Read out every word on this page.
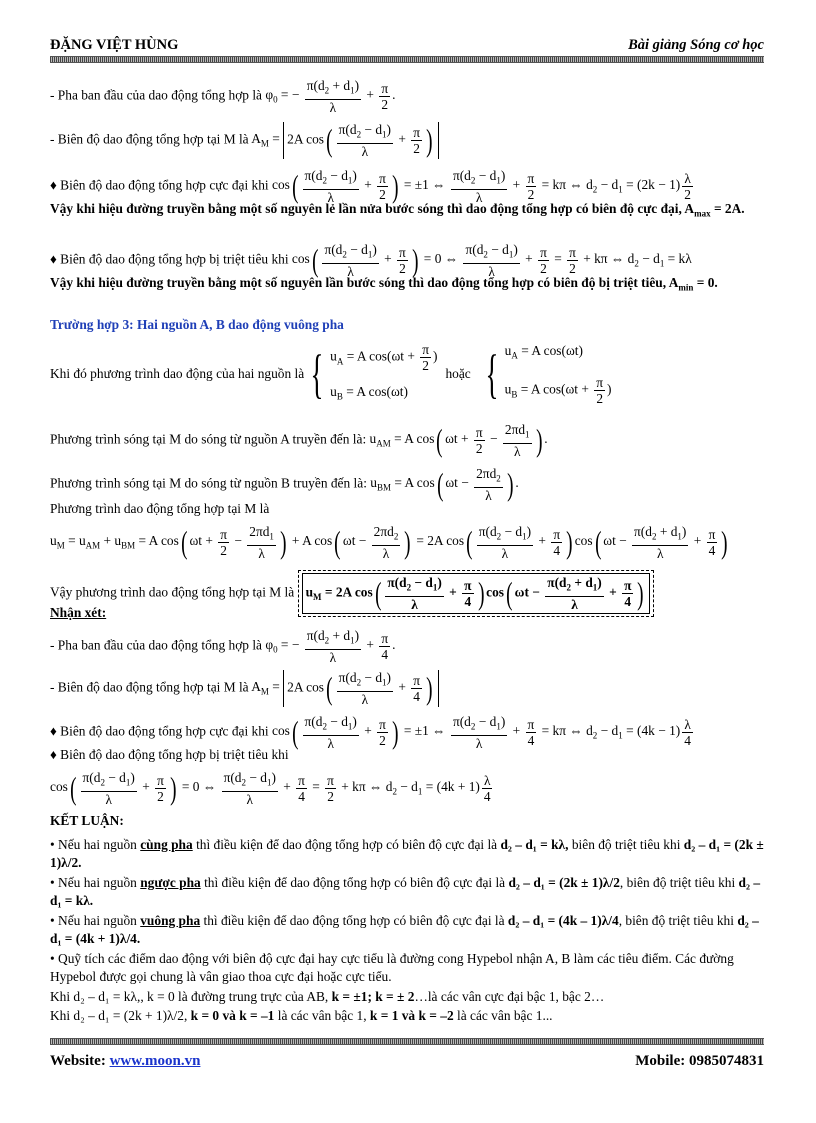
ĐẶNG VIỆT HÙNG	Bài giảng Sóng cơ học
- Pha ban đầu của dao động tổng hợp là $\varphi_0$ = − $\frac{\pi(d_2 + d_1)}{\lambda} + \frac{\pi}{2}$ .
- Biên độ dao động tổng hợp tại M là $A_M = 2A$ $\cos( \frac{\pi(d_2 - d_1)}{\lambda} + \frac{\pi}{2}$ )
♦ Biên độ dao động tổng hợp cực đại khi $\cos( \frac{\pi(d_2 - d_1)}{\lambda} + \frac{\pi}{2}$ ) = ±1 ⇔ $\frac{\pi(d_2 - d_1)}{\lambda} + \frac{\pi}{2} = k\pi$ ⇔ $d_2 - d_1 = (2k - 1) \frac{\lambda}{2}$
Vậy khi hiệu đường truyền bằng một số nguyên lẻ lần nửa bước sóng thì dao động tổng hợp có biên độ cực đại, $A_{max} = 2A$.
♦ Biên độ dao động tổng hợp bị triệt tiêu khi $\cos( \frac{\pi(d_2 - d_1)}{\lambda} + \frac{\pi}{2}$ ) = 0 ⇔ $\frac{\pi(d_2 - d_1)}{\lambda} + \frac{\pi}{2} = \frac{\pi}{2} + k\pi$ ⇔ $d_2 - d_1 = k\lambda$
Vậy khi hiệu đường truyền bằng một số nguyên lần bước sóng thì dao động tổng hợp có biên độ bị triệt tiêu, $A_{min} = 0$.
Trường hợp 3: Hai nguồn A, B dao động vuông pha
Khi đó phương trình dao động của hai nguồn là { $u_A = A$ $\cos(\omega t + \frac{\pi}{2}$ )
$u_B = A$ cos(ωt)
hoặc { $u_A = A$ cos(ωt)
$u_B = A$ $\cos(\omega t + \frac{\pi}{2}$ )
Phương trình sóng tại M do sóng từ nguồn A truyền đến là: $u_{AM} = A$ cos( $\omega t + \frac{\pi}{2} - \frac{2\pi d_1}{\lambda}$ ) .
Phương trình sóng tại M do sóng từ nguồn B truyền đến là: $u_{BM} = A$ cos( $\omega t - \frac{2\pi d_2}{\lambda}$ ) .
Phương trình dao động tổng hợp tại M là
$u_M = u_{AM} + u_{BM} = A$ cos( $\omega t + \frac{\pi}{2} - \frac{2\pi d_1}{\lambda}$ ) + A cos( $\omega t - \frac{2\pi d_2}{\lambda}$ ) = 2A $\cos( \frac{\pi(d_2 - d_1)}{\lambda} + \frac{\pi}{4}$ ) cos( $\omega t - \frac{\pi(d_2 + d_1)}{\lambda} + \frac{\pi}{4}$ )
Vậy phương trình dao động tổng hợp tại M là $u_M = 2A$ $\cos( \frac{\pi(d_2 - d_1)}{\lambda} + \frac{\pi}{4}$ ) cos( $\omega t - \frac{\pi(d_2 + d_1)}{\lambda} + \frac{\pi}{4}$ )
Nhận xét:
- Pha ban đầu của dao động tổng hợp là $\varphi_0$ = − $\frac{\pi(d_2 + d_1)}{\lambda} + \frac{\pi}{4}$ .
- Biên độ dao động tổng hợp tại M là $A_M = 2A$ $\cos( \frac{\pi(d_2 - d_1)}{\lambda} + \frac{\pi}{4}$ )
♦ Biên độ dao động tổng hợp cực đại khi $\cos( \frac{\pi(d_2 - d_1)}{\lambda} + \frac{\pi}{2}$ ) = ±1 ⇔ $\frac{\pi(d_2 - d_1)}{\lambda} + \frac{\pi}{4} = k\pi$ ⇔ $d_2 - d_1 = (4k - 1) \frac{\lambda}{4}$
♦ Biên độ dao động tổng hợp bị triệt tiêu khi
$\cos( \frac{\pi(d_2 - d_1)}{\lambda} + \frac{\pi}{2}$ ) = 0 ⇔ $\frac{\pi(d_2 - d_1)}{\lambda} + \frac{\pi}{4} = \frac{\pi}{2} + k\pi$ ⇔ $d_2 - d_1 = (4k + 1) \frac{\lambda}{4}$
KẾT LUẬN:
• Nếu hai nguồn cùng pha thì điều kiện để dao động tổng hợp có biên độ cực đại là d₂ – d₁ = kλ, biên độ triệt tiêu khi d₂ – d₁ = (2k ± 1)λ/2.
• Nếu hai nguồn ngược pha thì điều kiện để dao động tổng hợp có biên độ cực đại là d₂ – d₁ = (2k ± 1)λ/2, biên độ triệt tiêu khi d₂ – d₁ = kλ.
• Nếu hai nguồn vuông pha thì điều kiện để dao động tổng hợp có biên độ cực đại là d₂ – d₁ = (4k – 1)λ/4, biên độ triệt tiêu khi d₂ – d₁ = (4k + 1)λ/4.
• Quỹ tích các điểm dao động với biên độ cực đại hay cực tiểu là đường cong Hypebol nhận A, B làm các tiêu điểm. Các đường Hypebol được gọi chung là vân giao thoa cực đại hoặc cực tiểu.
Khi d₂ – d₁ = kλ,, k = 0 là đường trung trực của AB, k = ±1; k = ± 2…là các vân cực đại bậc 1, bậc 2…
Khi d₂ – d₁ = (2k + 1)λ/2, k = 0 và k = –1 là các vân bậc 1, k = 1 và k = –2 là các vân bậc 1...
Website: www.moon.vn	Mobile: 0985074831
